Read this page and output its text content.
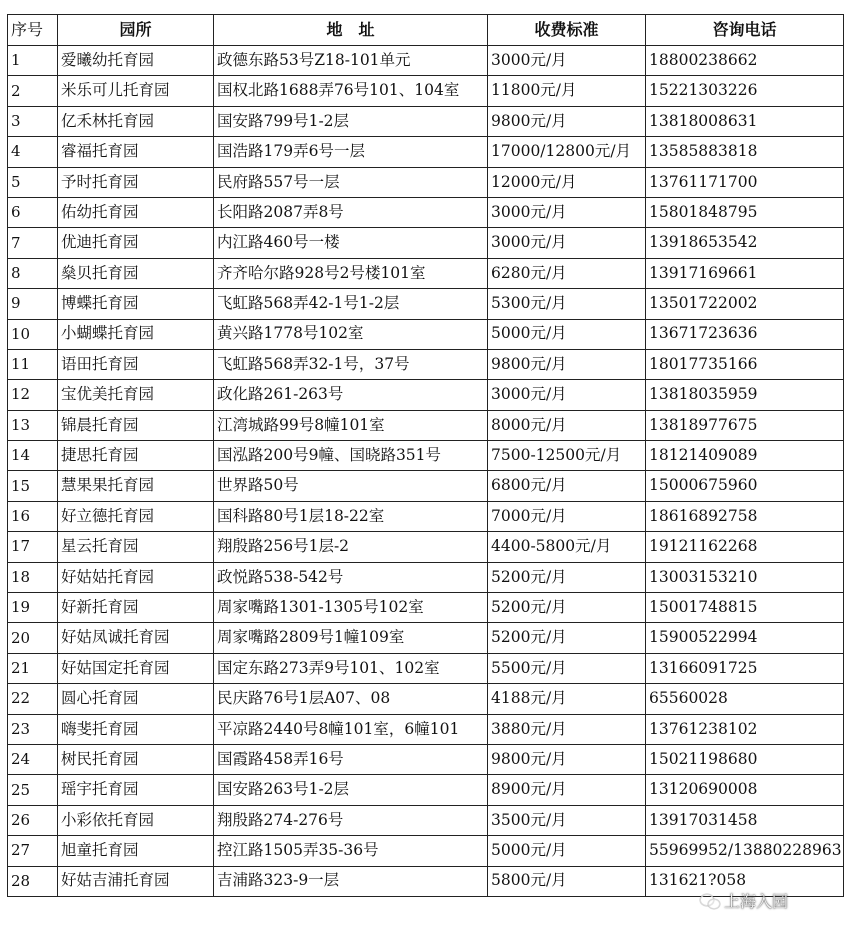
序号	园所	地　址	收费标准	咨询电话
1	爱曦幼托育园	政德东路53号Z18-101单元	3000元/月	18800238662
2	米乐可儿托育园	国权北路1688弄76号101、104室	11800元/月	15221303226
3	亿禾林托育园	国安路799号1-2层	9800元/月	13818008631
4	睿福托育园	国浩路179弄6号一层	17000/12800元/月	13585883818
5	予时托育园	民府路557号一层	12000元/月	13761171700
6	佑幼托育园	长阳路2087弄8号	3000元/月	15801848795
7	优迪托育园	内江路460号一楼	3000元/月	13918653542
8	燊贝托育园	齐齐哈尔路928号2号楼101室	6280元/月	13917169661
9	博蝶托育园	飞虹路568弄42-1号1-2层	5300元/月	13501722002
10	小蝴蝶托育园	黄兴路1778号102室	5000元/月	13671723636
11	语田托育园	飞虹路568弄32-1号，37号	9800元/月	18017735166
12	宝优美托育园	政化路261-263号	3000元/月	13818035959
13	锦晨托育园	江湾城路99号8幢101室	8000元/月	13818977675
14	捷思托育园	国泓路200号9幢、国晓路351号	7500-12500元/月	18121409089
15	慧果果托育园	世界路50号	6800元/月	15000675960
16	好立德托育园	国科路80号1层18-22室	7000元/月	18616892758
17	星云托育园	翔殷路256号1层-2	4400-5800元/月	19121162268
18	好姑姑托育园	政悦路538-542号	5200元/月	13003153210
19	好新托育园	周家嘴路1301-1305号102室	5200元/月	15001748815
20	好姑凤诚托育园	周家嘴路2809号1幢109室	5200元/月	15900522994
21	好姑国定托育园	国定东路273弄9号101、102室	5500元/月	13166091725
22	圆心托育园	民庆路76号1层A07、08	4188元/月	65560028
23	嗨斐托育园	平凉路2440号8幢101室，6幢101	3880元/月	13761238102
24	树民托育园	国霞路458弄16号	9800元/月	15021198680
25	瑶宇托育园	国安路263号1-2层	8900元/月	13120690008
26	小彩依托育园	翔殷路274-276号	3500元/月	13917031458
27	旭童托育园	控江路1505弄35-36号	5000元/月	55969952/13880228963
28	好姑吉浦托育园	吉浦路323-9一层	5800元/月	131621?058
上海入园
